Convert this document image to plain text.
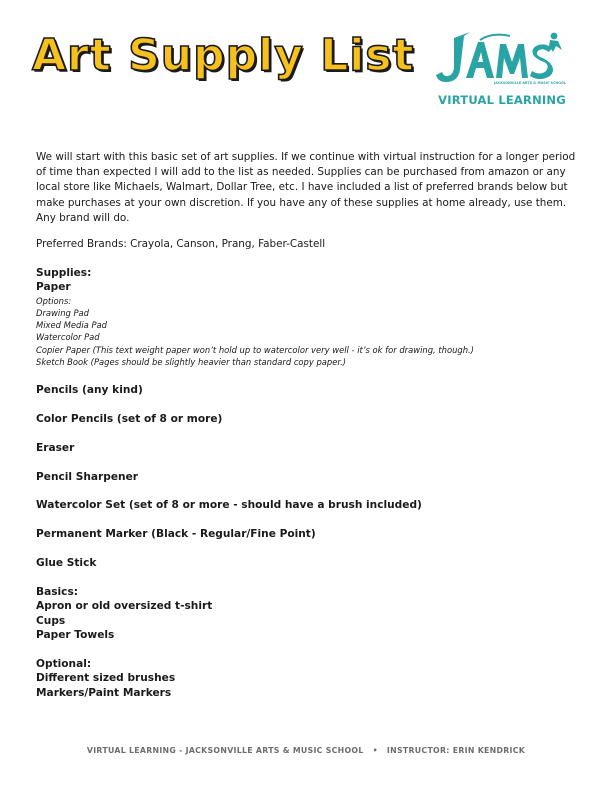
Art Supply List
VIRTUAL LEARNING
JACKSONVILLE ARTS & MUSIC SCHOOL

We will start with this basic set of art supplies. If we continue with virtual instruction for a longer period of time than expected I will add to the list as needed. Supplies can be purchased from amazon or any local store like Michaels, Walmart, Dollar Tree, etc. I have included a list of preferred brands below but make purchases at your own discretion. If you have any of these supplies at home already, use them. Any brand will do.

Preferred Brands: Crayola, Canson, Prang, Faber-Castell

Supplies:
Paper
Options:
Drawing Pad
Mixed Media Pad
Watercolor Pad
Copier Paper (This text weight paper won’t hold up to watercolor very well - it’s ok for drawing, though.)
Sketch Book (Pages should be slightly heavier than standard copy paper.)
Pencils (any kind)
Color Pencils (set of 8 or more)
Eraser
Pencil Sharpener
Watercolor Set (set of 8 or more - should have a brush included)
Permanent Marker (Black - Regular/Fine Point)
Glue Stick
Basics:
Apron or old oversized t-shirt
Cups
Paper Towels
Optional:
Different sized brushes
Markers/Paint Markers
VIRTUAL LEARNING - JACKSONVILLE ARTS & MUSIC SCHOOL • INSTRUCTOR: ERIN KENDRICK
